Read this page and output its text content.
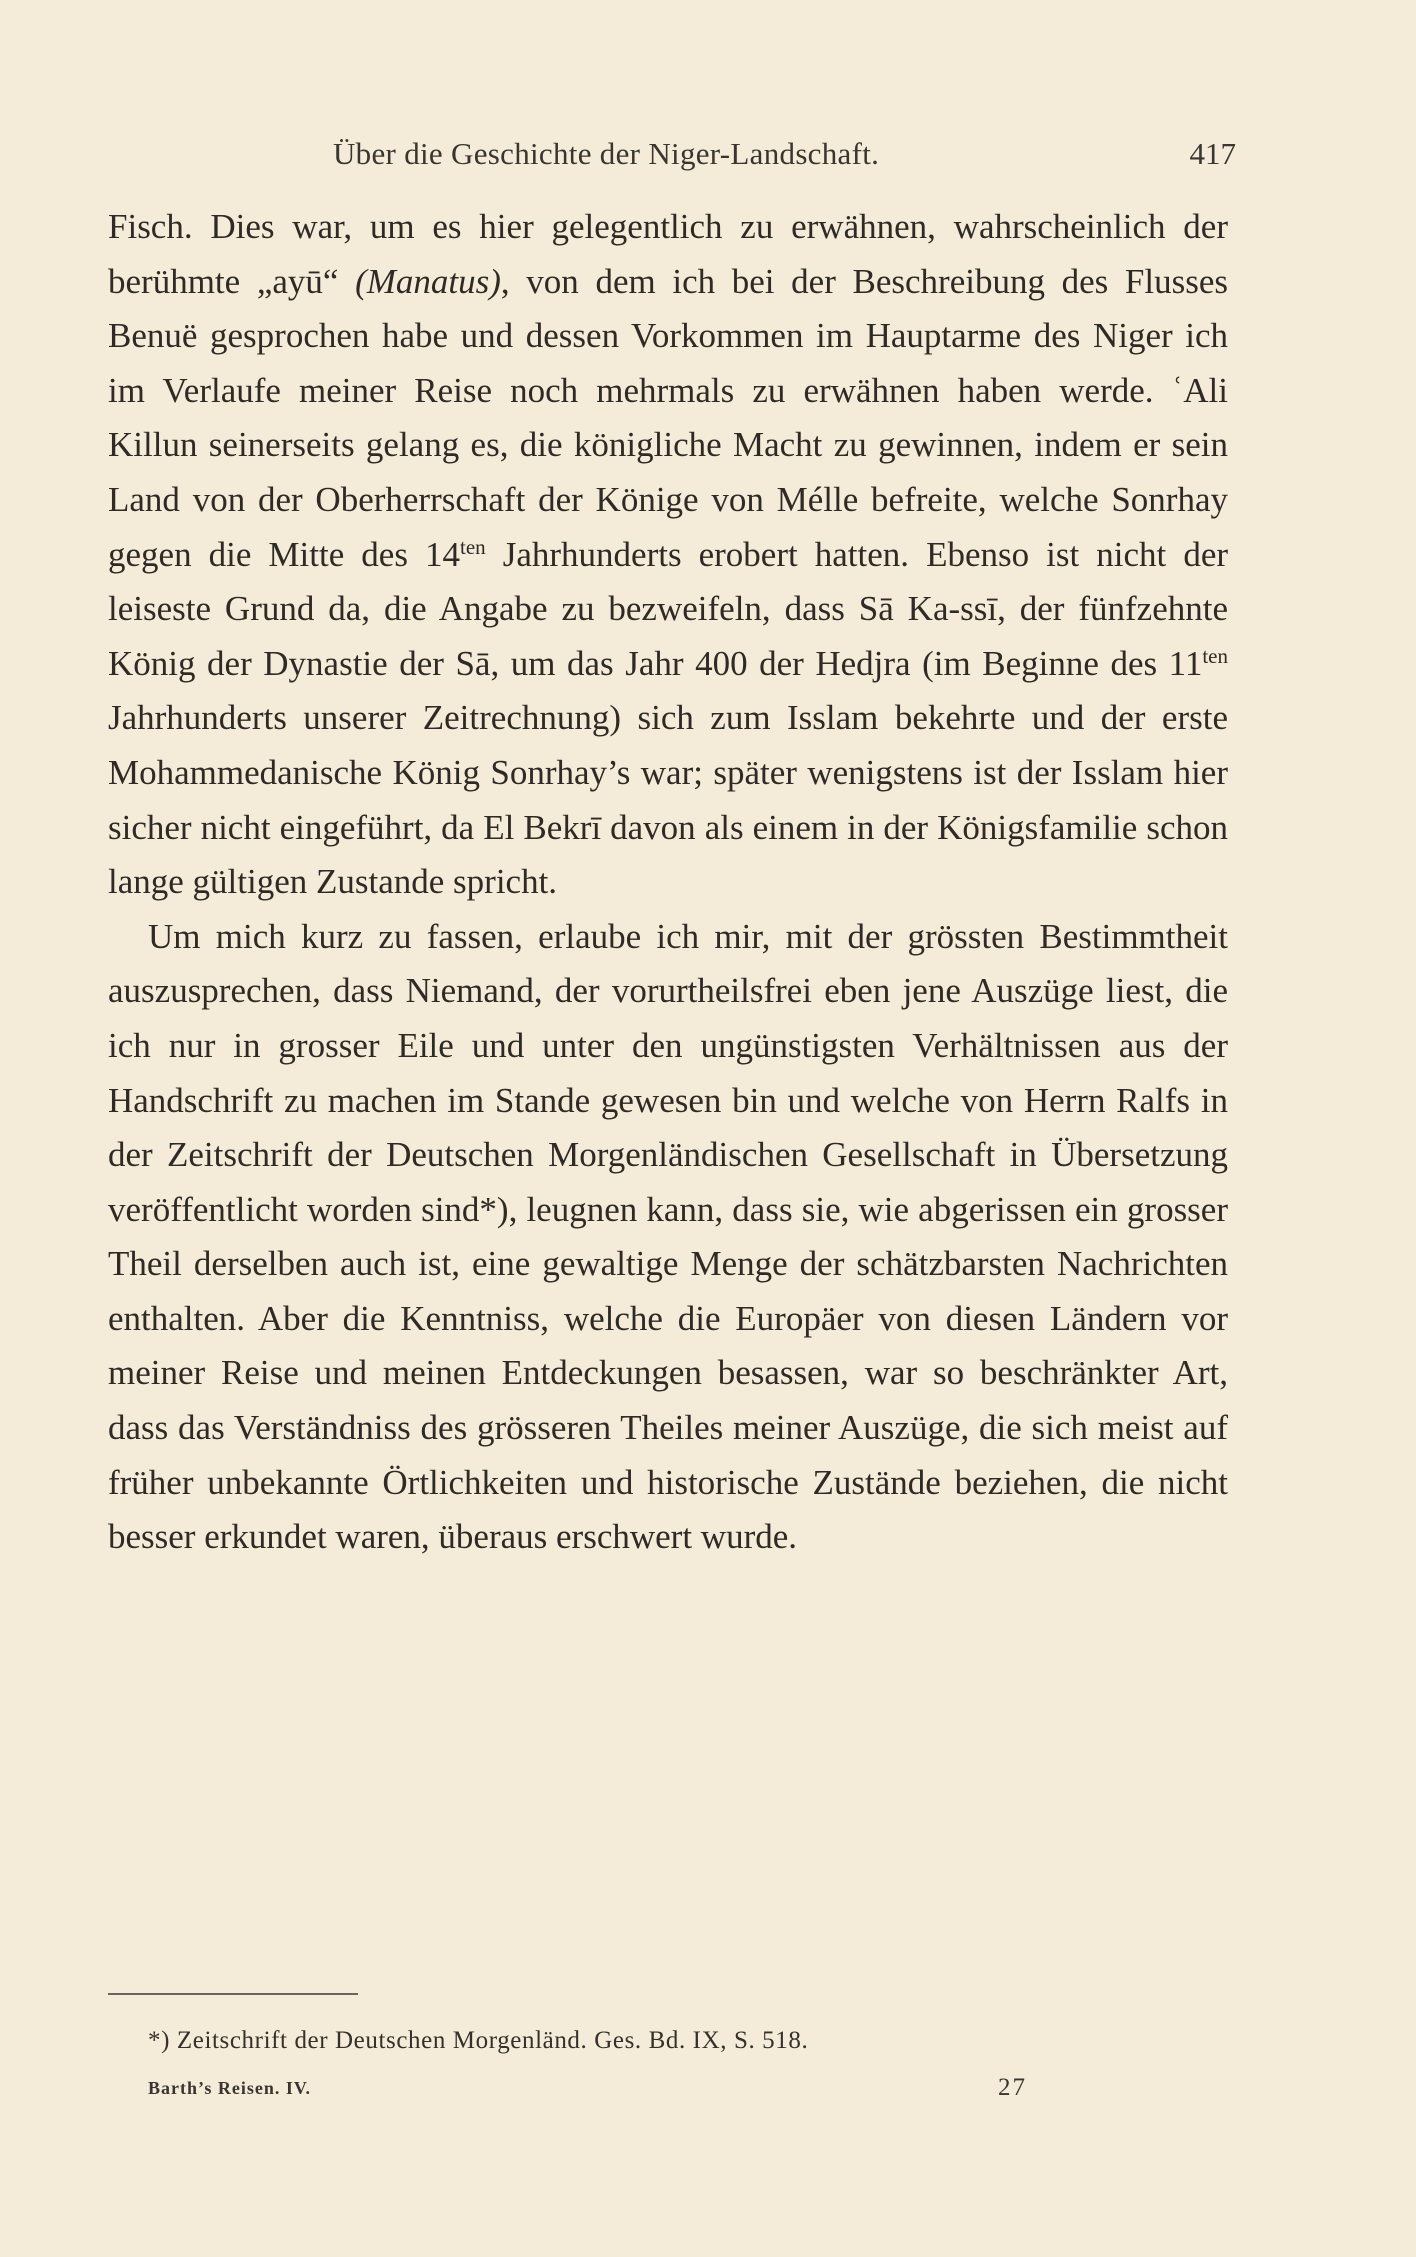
Über die Geschichte der Niger-Landschaft.	417

Fisch. Dies war, um es hier gelegentlich zu erwähnen, wahrscheinlich der berühmte „ayū“ (Manatus), von dem ich bei der Beschreibung des Flusses Benuë gesprochen habe und dessen Vorkommen im Hauptarme des Niger ich im Verlaufe meiner Reise noch mehrmals zu erwähnen haben werde. ʿAli Killun seinerseits gelang es, die königliche Macht zu gewinnen, indem er sein Land von der Oberherrschaft der Könige von Mélle befreite, welche Sonrhay gegen die Mitte des $14^{ten}$ Jahrhunderts erobert hatten. Ebenso ist nicht der leiseste Grund da, die Angabe zu bezweifeln, dass Sā Ka-ssī, der fünfzehnte König der Dynastie der Sā, um das Jahr 400 der Hedjra (im Beginne des $11^{ten}$ Jahrhunderts unserer Zeitrechnung) sich zum Isslam bekehrte und der erste Mohammedanische König Sonrhay’s war; später wenigstens ist der Isslam hier sicher nicht eingeführt, da El Bekrī davon als einem in der Königsfamilie schon lange gültigen Zustande spricht.

Um mich kurz zu fassen, erlaube ich mir, mit der grössten Bestimmtheit auszusprechen, dass Niemand, der vorurtheilsfrei eben jene Auszüge liest, die ich nur in grosser Eile und unter den ungünstigsten Verhältnissen aus der Handschrift zu machen im Stande gewesen bin und welche von Herrn Ralfs in der Zeitschrift der Deutschen Morgenländischen Gesellschaft in Übersetzung veröffentlicht worden sind*), leugnen kann, dass sie, wie abgerissen ein grosser Theil derselben auch ist, eine gewaltige Menge der schätzbarsten Nachrichten enthalten. Aber die Kenntniss, welche die Europäer von diesen Ländern vor meiner Reise und meinen Entdeckungen besassen, war so beschränkter Art, dass das Verständniss des grösseren Theiles meiner Auszüge, die sich meist auf früher unbekannte Örtlichkeiten und historische Zustände beziehen, die nicht besser erkundet waren, überaus erschwert wurde.

*) Zeitschrift der Deutschen Morgenländ. Ges. Bd. IX, S. 518.
Barth’s Reisen. IV.	27
